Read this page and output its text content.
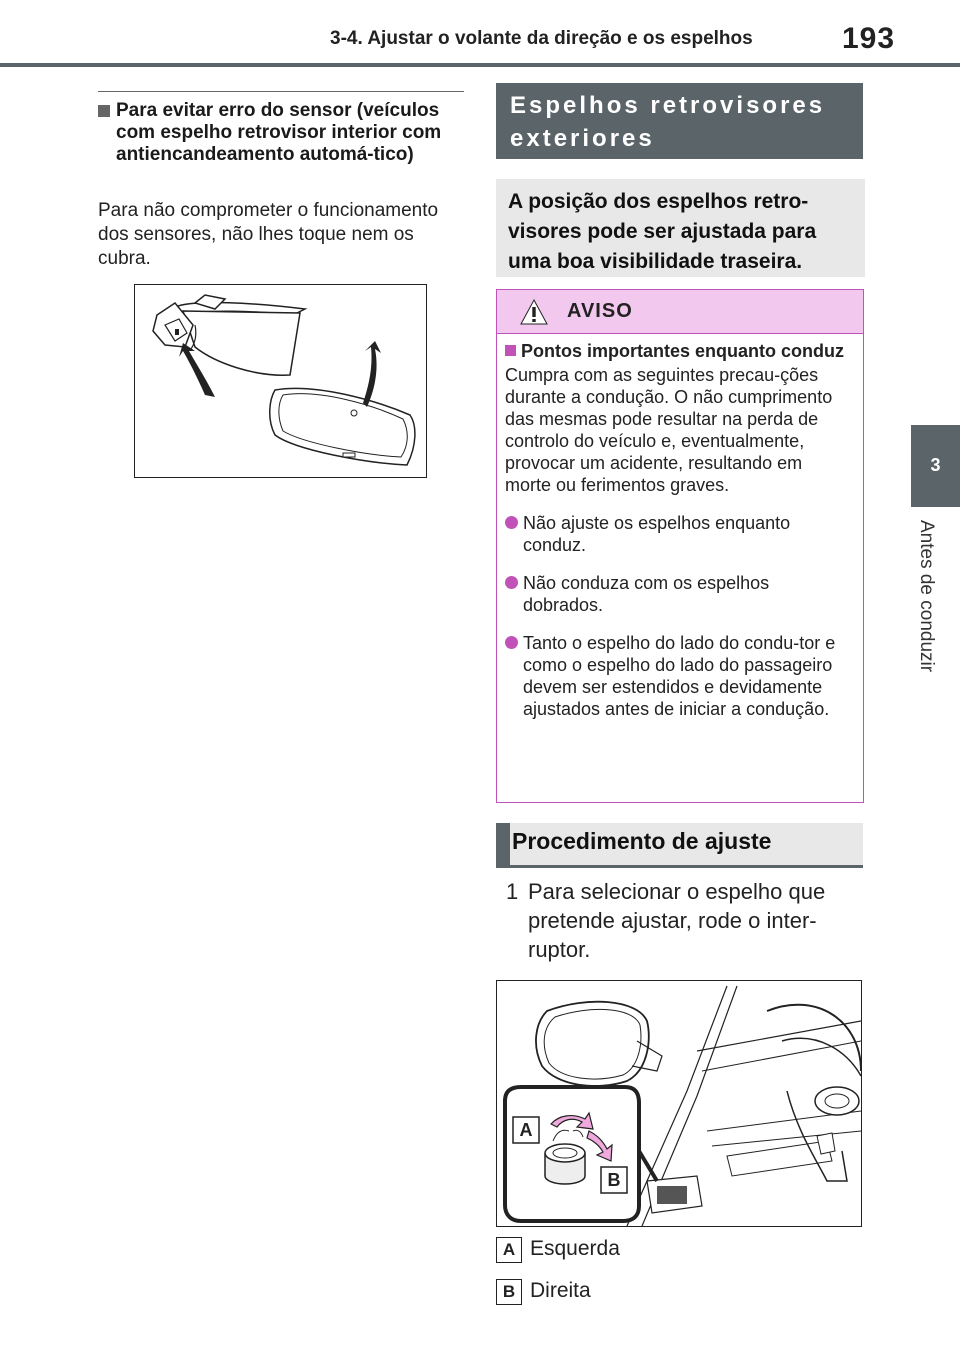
3-4. Ajustar o volante da direção e os espelhos	193
3
Antes de conduzir
Para evitar erro do sensor (veículos com espelho retrovisor interior com antiencandeamento automá-tico)
Para não comprometer o funcionamento dos sensores, não lhes toque nem os cubra.
Espelhos retrovisores exteriores
A posição dos espelhos retro-visores pode ser ajustada para uma boa visibilidade traseira.
AVISO
Pontos importantes enquanto conduz
Cumpra com as seguintes precau-ções durante a condução. O não cumprimento das mesmas pode resultar na perda de controlo do veículo e, eventualmente, provocar um acidente, resultando em morte ou ferimentos graves.
Não ajuste os espelhos enquanto conduz.
Não conduza com os espelhos dobrados.
Tanto o espelho do lado do condu-tor e como o espelho do lado do passageiro devem ser estendidos e devidamente ajustados antes de iniciar a condução.
Procedimento de ajuste
1 Para selecionar o espelho que pretende ajustar, rode o inter-ruptor.
A
B
A Esquerda
B Direita
